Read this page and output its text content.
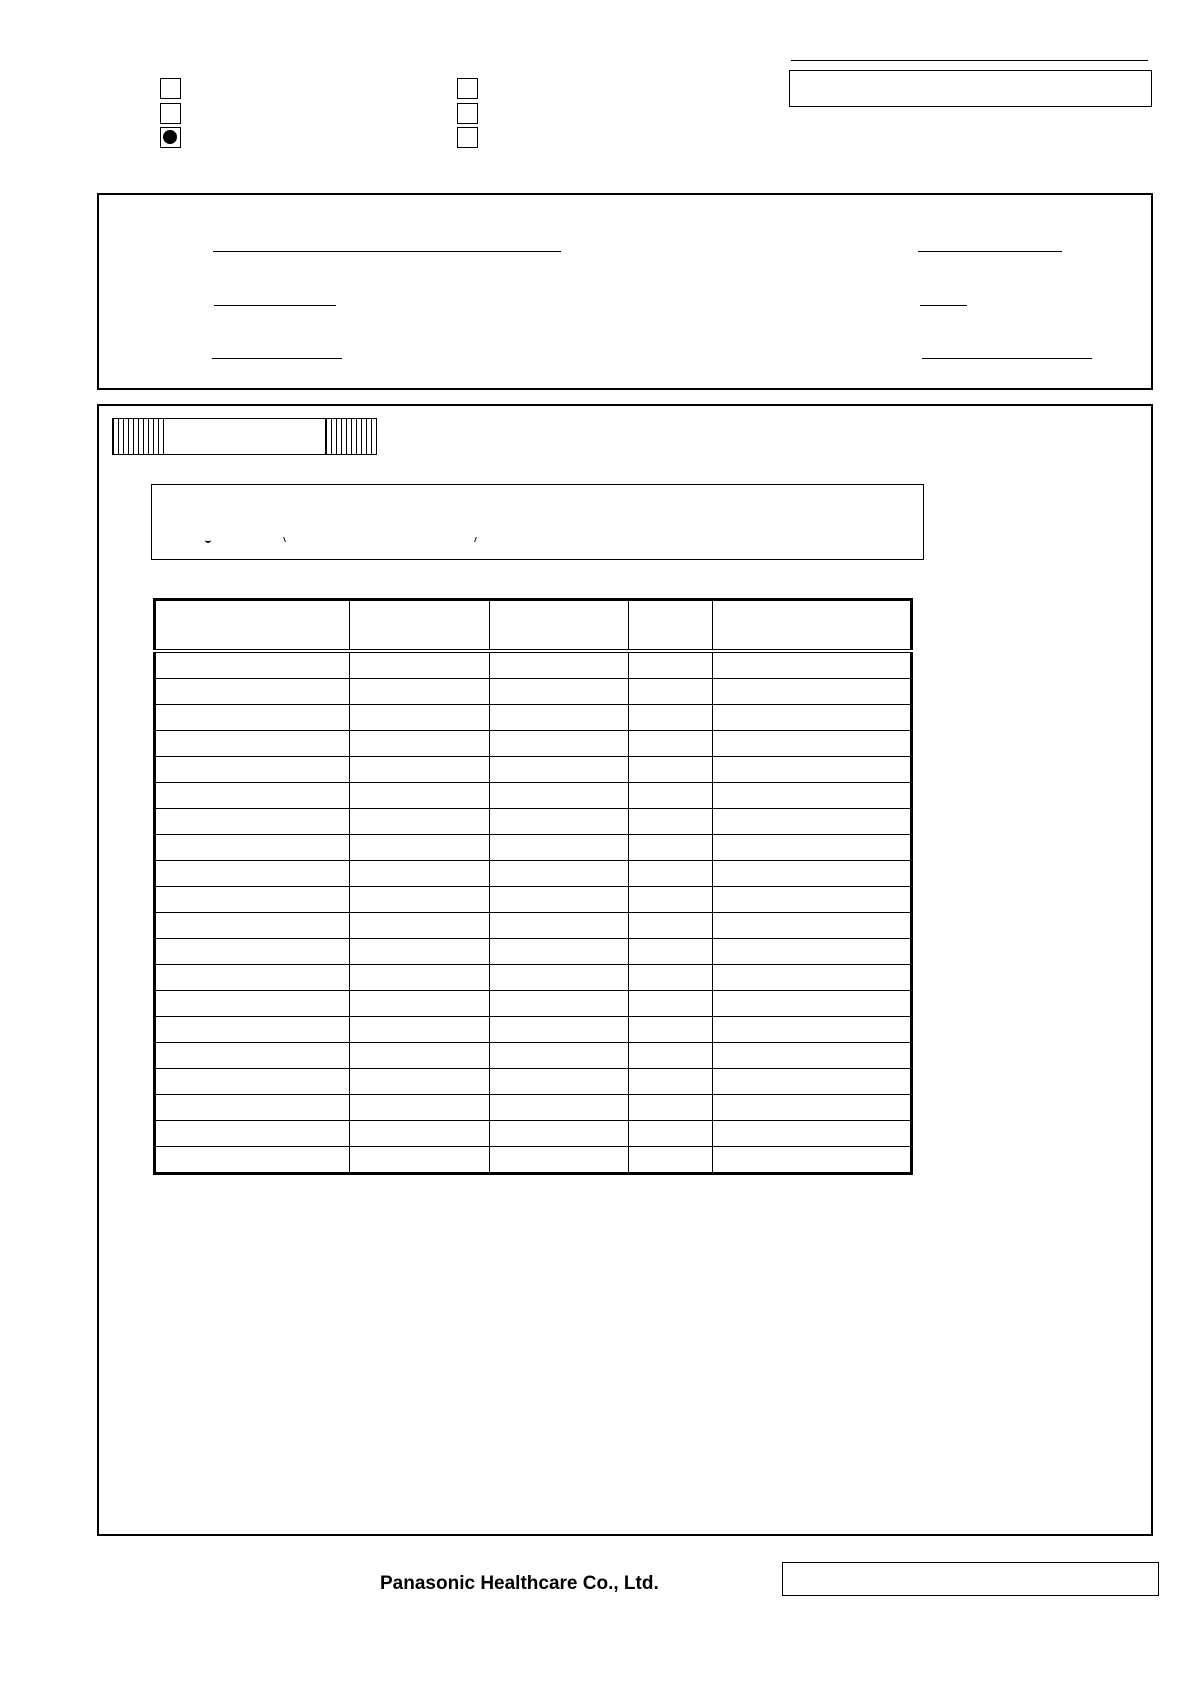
Panasonic Healthcare Co., Ltd.
